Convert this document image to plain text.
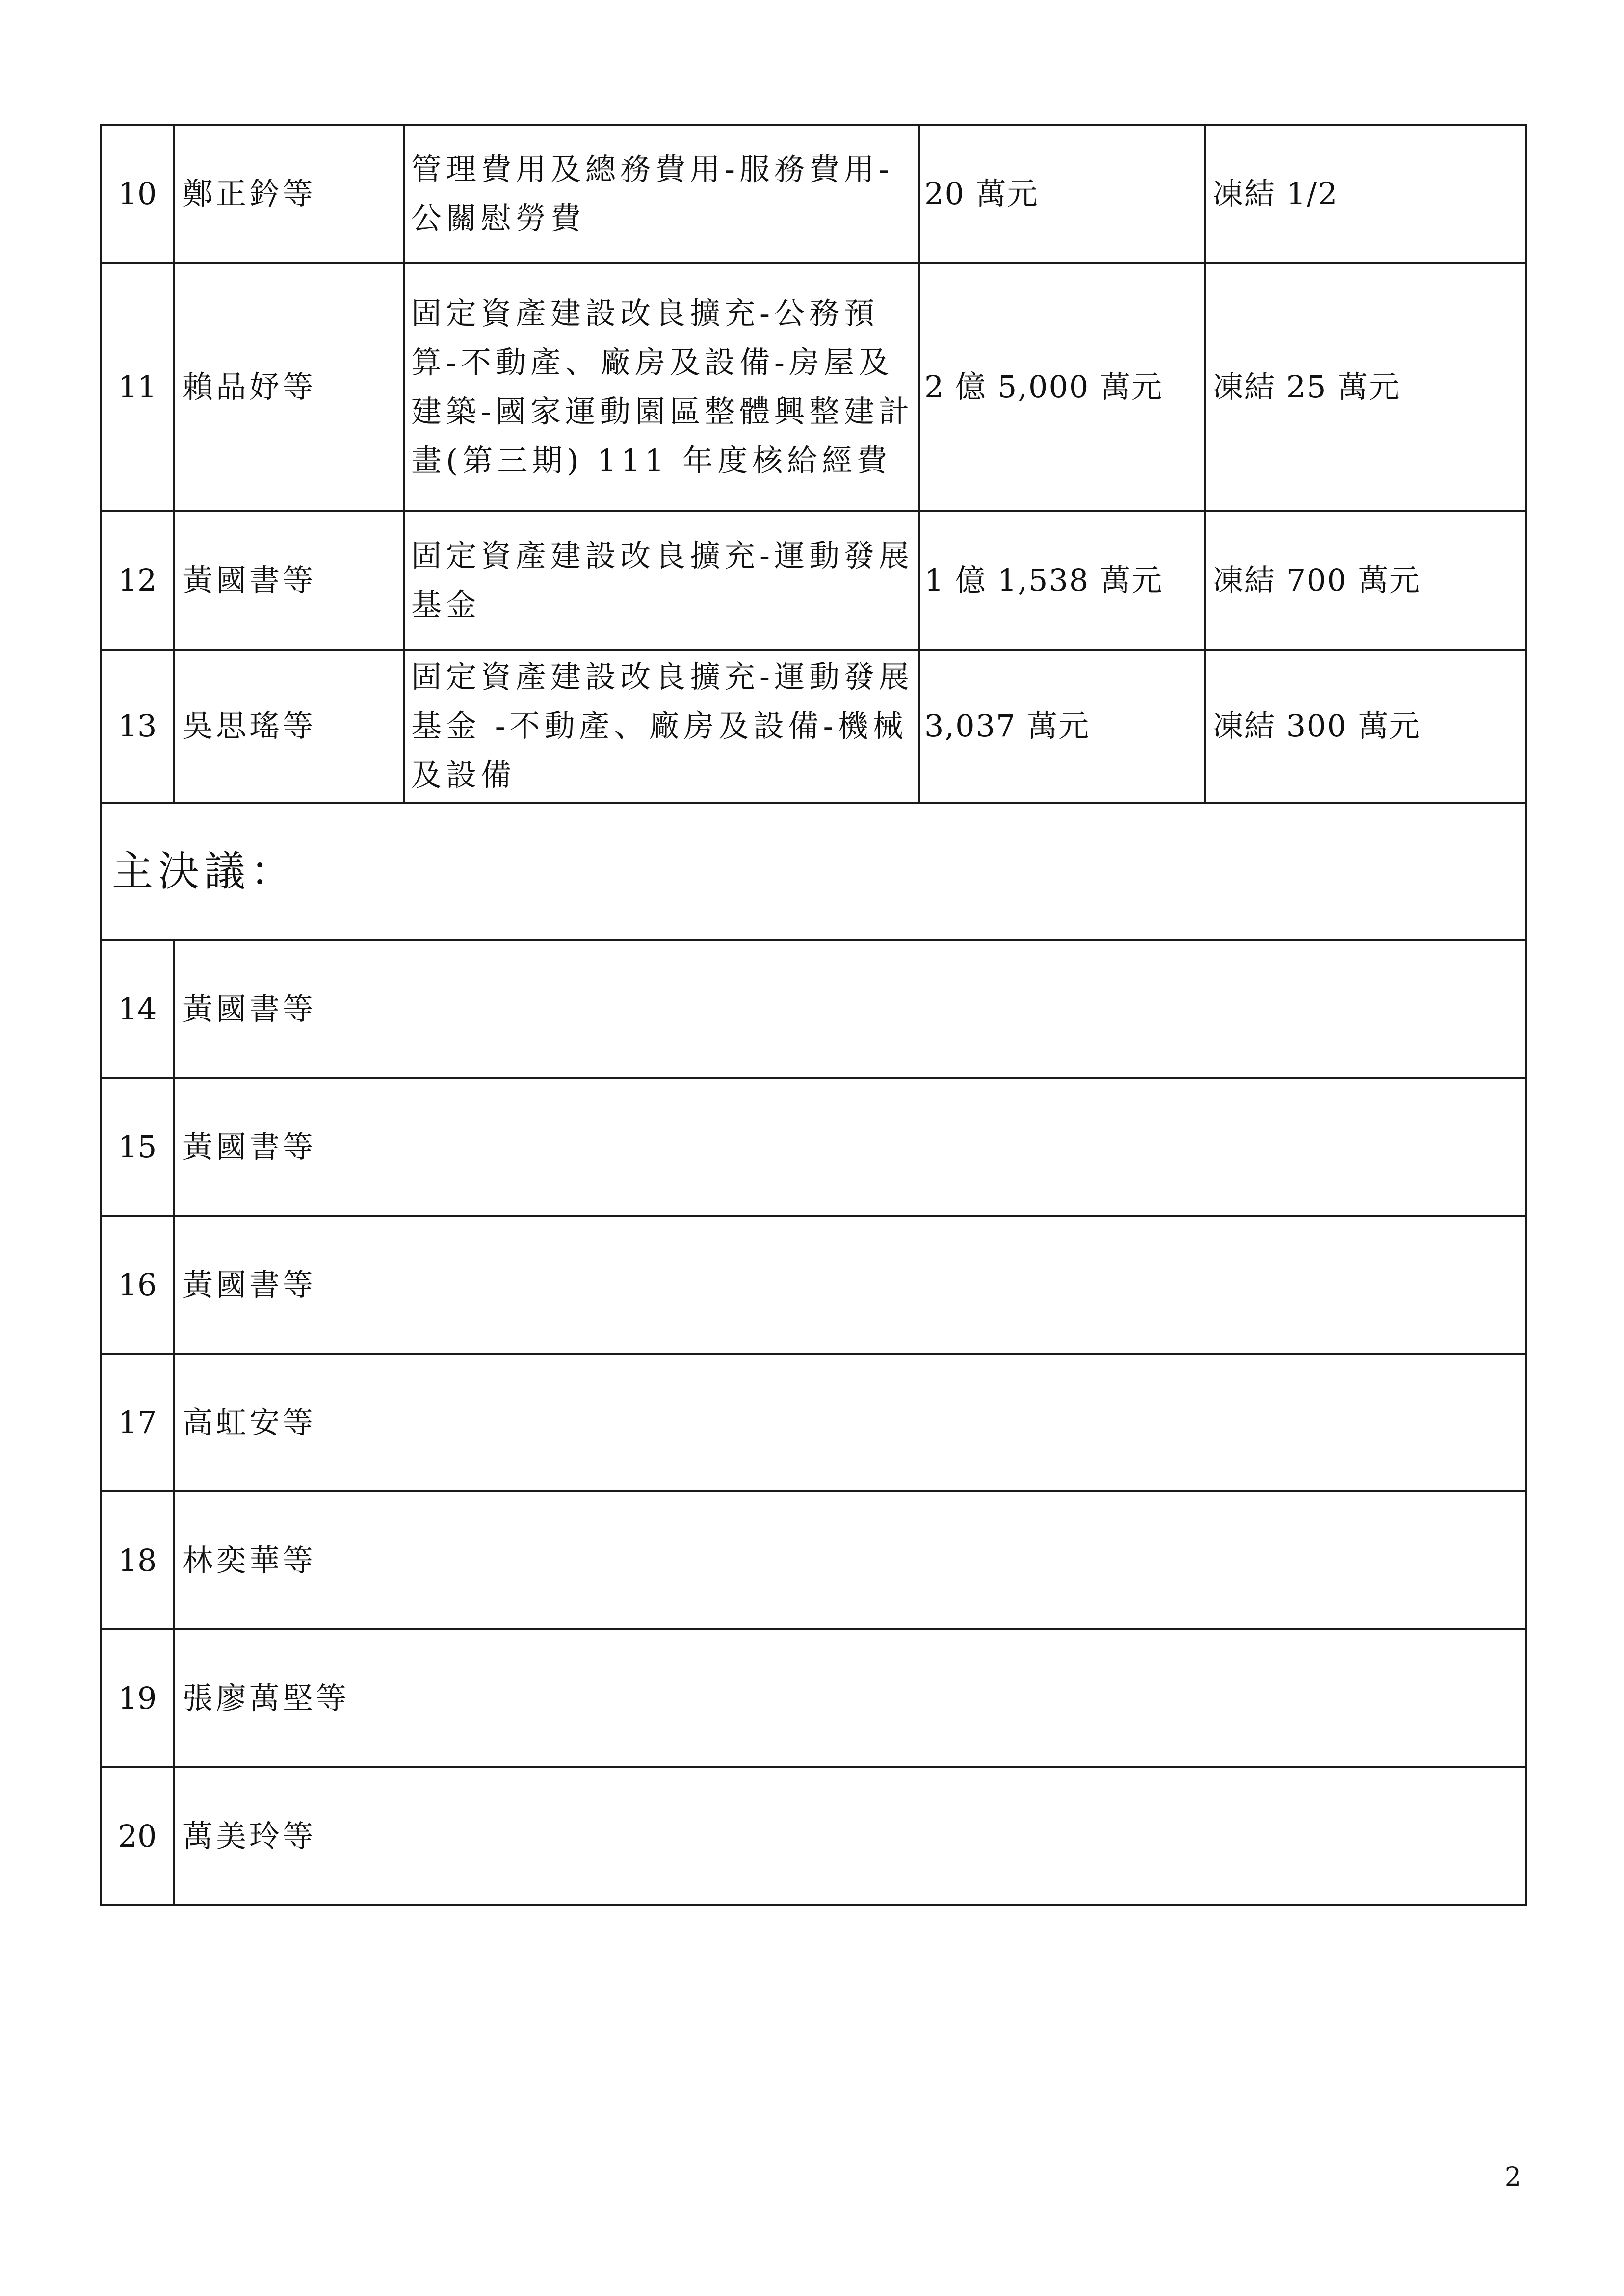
10	鄭正鈐等	管理費用及總務費用-服務費用-公關慰勞費	20 萬元	凍結 1/2
11	賴品妤等	固定資產建設改良擴充-公務預算-不動產、廠房及設備-房屋及建築-國家運動園區整體興整建計畫(第三期) 111 年度核給經費	2 億 5,000 萬元	凍結 25 萬元
12	黃國書等	固定資產建設改良擴充-運動發展基金	1 億 1,538 萬元	凍結 700 萬元
13	吳思瑤等	固定資產建設改良擴充-運動發展基金 -不動產、廠房及設備-機械及設備	3,037 萬元	凍結 300 萬元
主決議：				
14	黃國書等			
15	黃國書等			
16	黃國書等			
17	高虹安等			
18	林奕華等			
19	張廖萬堅等			
20	萬美玲等			
2
